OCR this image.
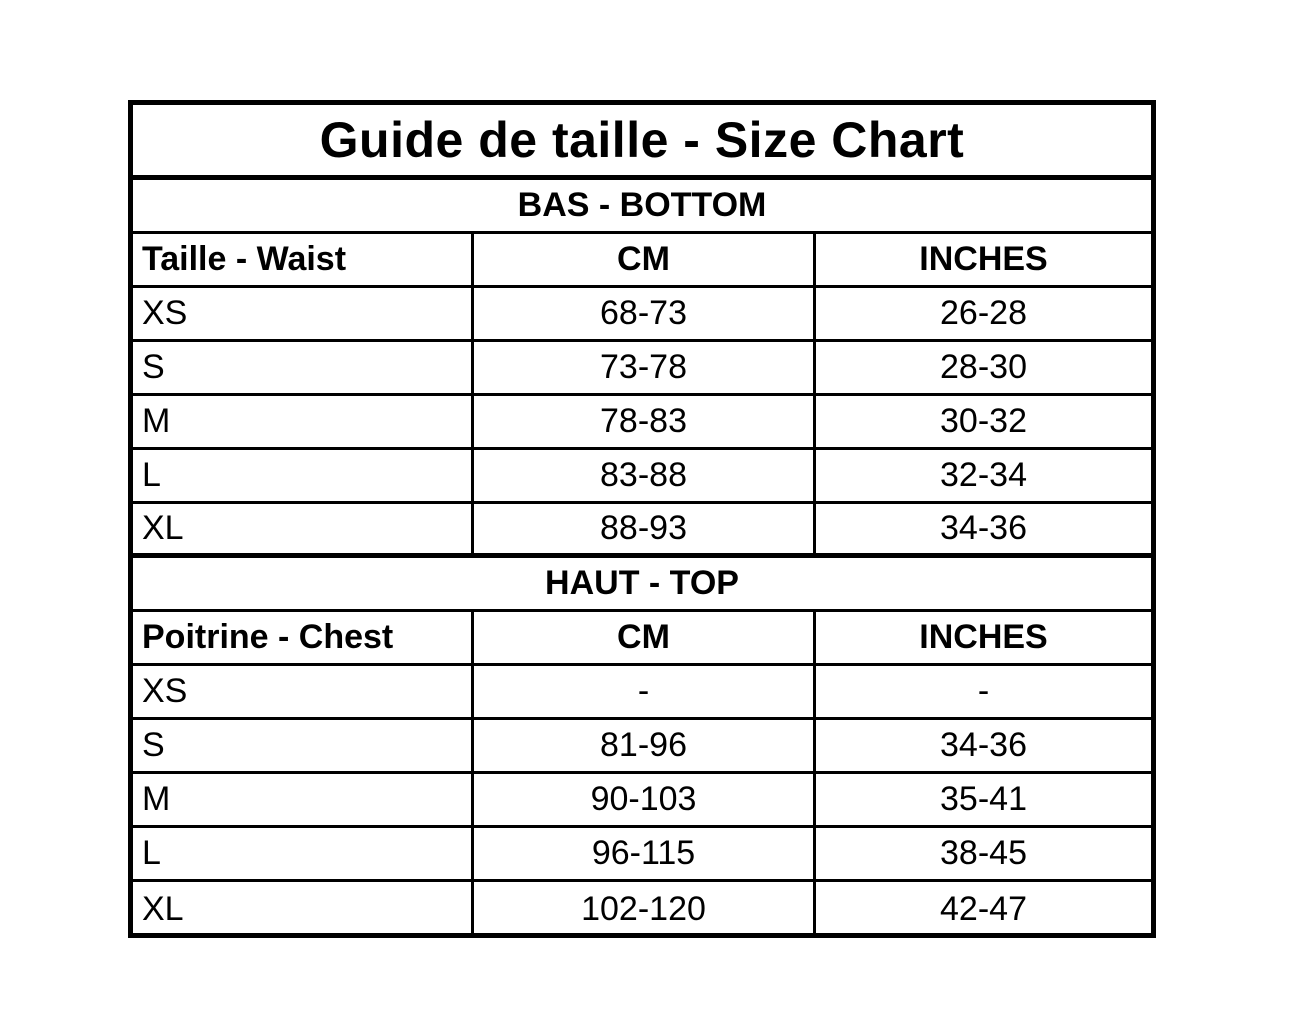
Guide de taille - Size Chart
BAS - BOTTOM
Taille - Waist	CM	INCHES
XS	68-73	26-28
S	73-78	28-30
M	78-83	30-32
L	83-88	32-34
XL	88-93	34-36
HAUT - TOP
Poitrine - Chest	CM	INCHES
XS	-	-
S	81-96	34-36
M	90-103	35-41
L	96-115	38-45
XL	102-120	42-47
